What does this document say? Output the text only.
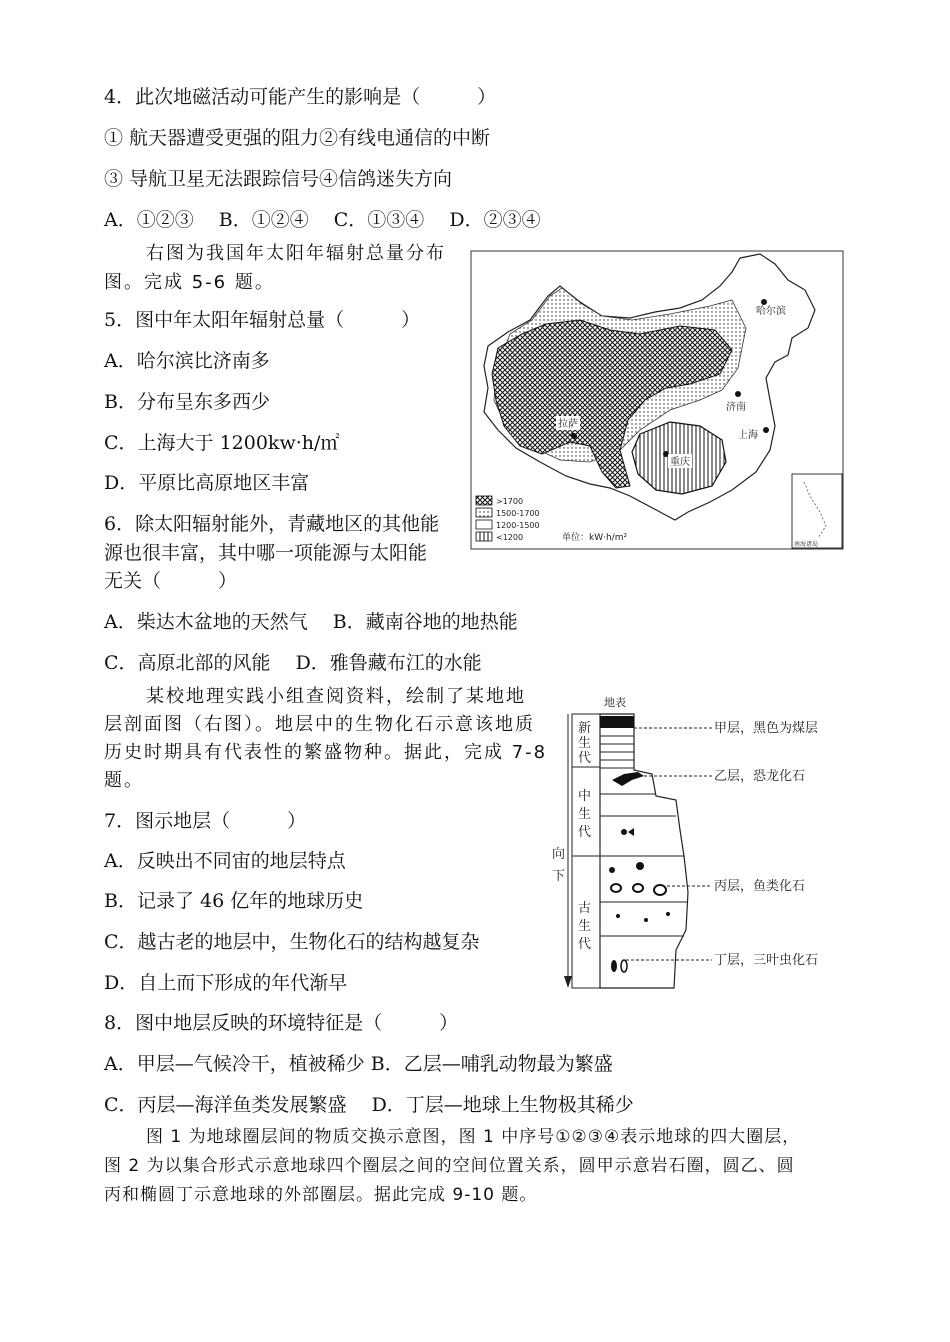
4．此次地磁活动可能产生的影响是（　　　）
① 航天器遭受更强的阻力②有线电通信的中断
③ 导航卫星无法跟踪信号④信鸽迷失方向
A．①②③　 B．①②④　 C．①③④　 D．②③④
右图为我国年太阳年辐射总量分布
图。完成 5-6 题。
5．图中年太阳年辐射总量（　　　）
A．哈尔滨比济南多
B．分布呈东多西少
C．上海大于 1200kw·h/㎡
D．平原比高原地区丰富
6．除太阳辐射能外，青藏地区的其他能
源也很丰富，其中哪一项能源与太阳能
无关（　　　）
A．柴达木盆地的天然气　 B．藏南谷地的地热能
C．高原北部的风能　 D．雅鲁藏布江的水能
哈尔滨
济南
上海
拉萨
重庆
>1700
1500-1700
1200-1500
<1200	单位：kW·h/m²
南海诸岛
某校地理实践小组查阅资料，绘制了某地地
层剖面图（右图）。地层中的生物化石示意该地质
历史时期具有代表性的繁盛物种。据此，完成 7-8
题。
7．图示地层（　　　）
A．反映出不同宙的地层特点
B．记录了 46 亿年的地球历史
C．越古老的地层中，生物化石的结构越复杂
D．自上而下形成的年代渐早
地表
新
生
代
中
生
代
古
生
代
向
下
甲层，黑色为煤层
乙层，恐龙化石
丙层，鱼类化石
丁层，三叶虫化石
8．图中地层反映的环境特征是（　　　）
A．甲层—气候冷干，植被稀少 B．乙层—哺乳动物最为繁盛
C．丙层—海洋鱼类发展繁盛　 D．丁层—地球上生物极其稀少
图 1 为地球圈层间的物质交换示意图，图 1 中序号①②③④表示地球的四大圈层，
图 2 为以集合形式示意地球四个圈层之间的空间位置关系，圆甲示意岩石圈，圆乙、圆
丙和椭圆丁示意地球的外部圈层。据此完成 9-10 题。
